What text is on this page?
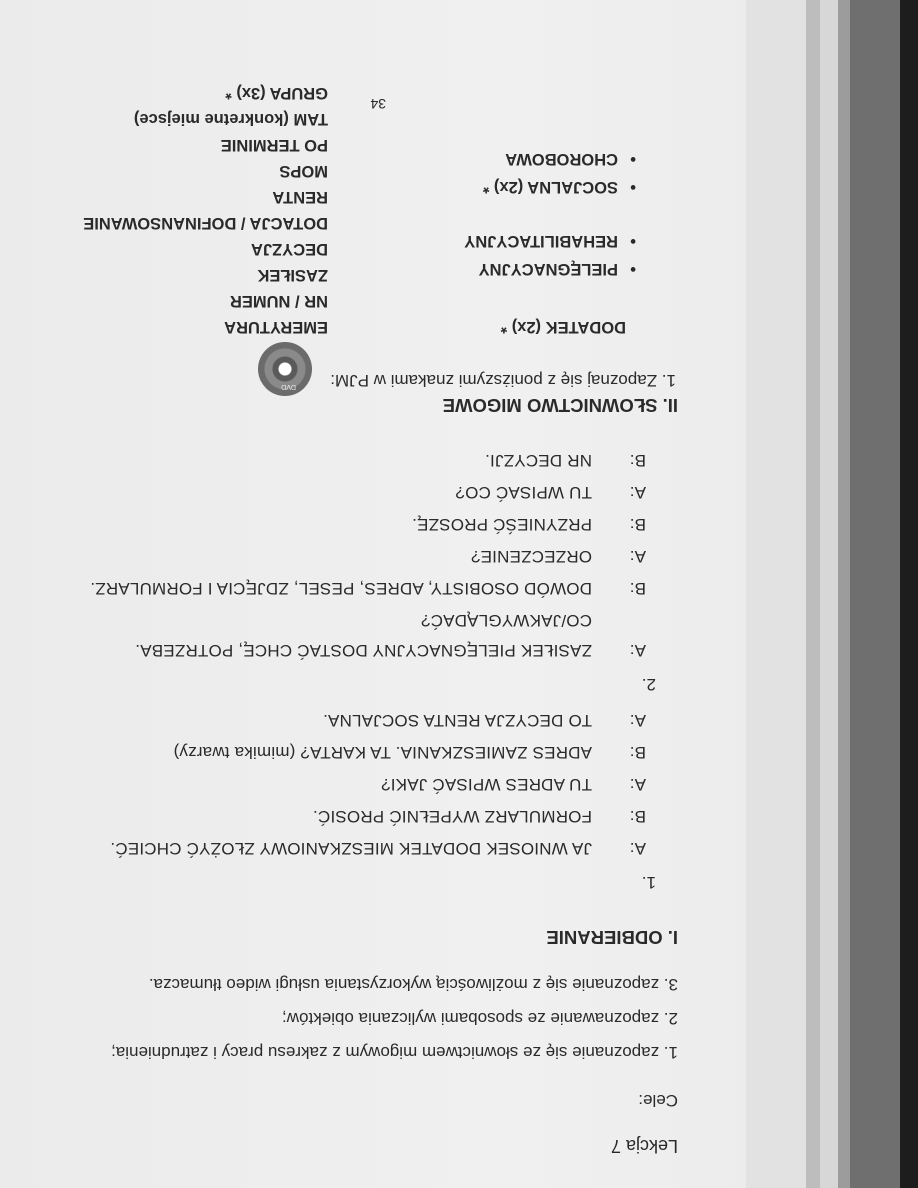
Lekcja 7
Cele:
1. zapoznanie się ze słownictwem migowym z zakresu pracy i zatrudnienia;
2. zapoznawanie ze sposobami wyliczania obiektów;
3. zapoznanie się z możliwością wykorzystania usługi wideo tłumacza.
I. ODBIERANIE
1.
A:
JA WNIOSEK DODATEK MIESZKANIOWY ZŁOŻYĆ CHCIEĆ.
B:
FORMULARZ WYPEŁNIĆ PROSIĆ.
A:
TU ADRES WPISAĆ JAKI?
B:
ADRES ZAMIESZKANIA. TA KARTA? (mimika twarzy)
A:
TO DECYZJA RENTA SOCJALNA.
2.
A:
ZASIŁEK PIELĘGNACYJNY DOSTAĆ CHCĘ, POTRZEBA.
CO/JAKWYGLĄDAĆ?
B:
DOWÓD OSOBISTY, ADRES, PESEL, ZDJĘCIA I FORMULARZ.
A:
ORZECZENIE?
B:
PRZYNIEŚĆ PROSZĘ.
A:
TU WPISAĆ CO?
B:
NR DECYZJI.
II. SŁOWNICTWO MIGOWE
1. Zapoznaj się z poniższymi znakami w PJM:
DVD
DODATEK (2x) *
•
PIELĘGNACYJNY
•
REHABILITACYJNY
•
SOCJALNA (2x) *
•
CHOROBOWA
EMERYTURA
NR / NUMER
ZASIŁEK
DECYZJA
DOTACJA / DOFINANSOWANIE
RENTA
MOPS
PO TERMINIE
TAM (konkretne miejsce)
GRUPA (3x) *
34
